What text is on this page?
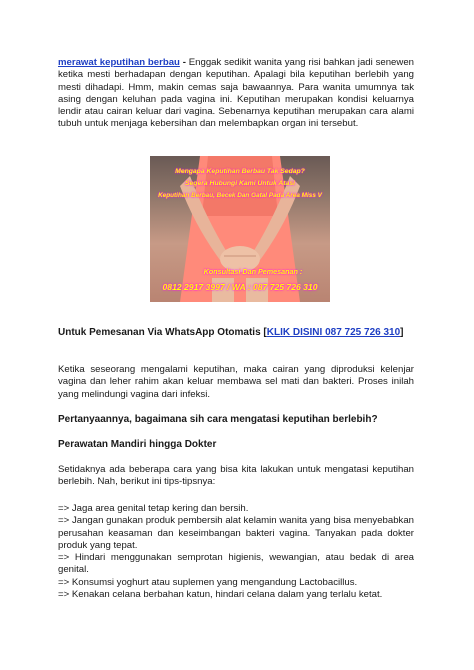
merawat keputihan berbau - Enggak sedikit wanita yang risi bahkan jadi senewen ketika mesti berhadapan dengan keputihan. Apalagi bila keputihan berlebih yang mesti dihadapi. Hmm, makin cemas saja bawaannya. Para wanita umumnya tak asing dengan keluhan pada vagina ini. Keputihan merupakan kondisi keluarnya lendir atau cairan keluar dari vagina. Sebenarnya keputihan merupakan cara alami tubuh untuk menjaga kebersihan dan melembapkan organ ini tersebut.

Mengapa Keputihan Berbau Tak Sedap?
Segera Hubungi Kami Untuk Atasi
Keputihan Berbau, Becek Dan Gatal Pada Area Miss V
Konsultasi Dan Pemesanan :
0812 2917 3997 / WA : 087 725 726 310

Untuk Pemesanan Via WhatsApp Otomatis [KLIK DISINI 087 725 726 310]

Ketika seseorang mengalami keputihan, maka cairan yang diproduksi kelenjar vagina dan leher rahim akan keluar membawa sel mati dan bakteri. Proses inilah yang melindungi vagina dari infeksi.

Pertanyaannya, bagaimana sih cara mengatasi keputihan berlebih?

Perawatan Mandiri hingga Dokter

Setidaknya ada beberapa cara yang bisa kita lakukan untuk mengatasi keputihan berlebih. Nah, berikut ini tips-tipsnya:

=> Jaga area genital tetap kering dan bersih.

=> Jangan gunakan produk pembersih alat kelamin wanita yang bisa menyebabkan perusahan keasaman dan keseimbangan bakteri vagina. Tanyakan pada dokter produk yang tepat.

=> Hindari menggunakan semprotan higienis, wewangian, atau bedak di area genital.

=> Konsumsi yoghurt atau suplemen yang mengandung Lactobacillus.

=> Kenakan celana berbahan katun, hindari celana dalam yang terlalu ketat.
